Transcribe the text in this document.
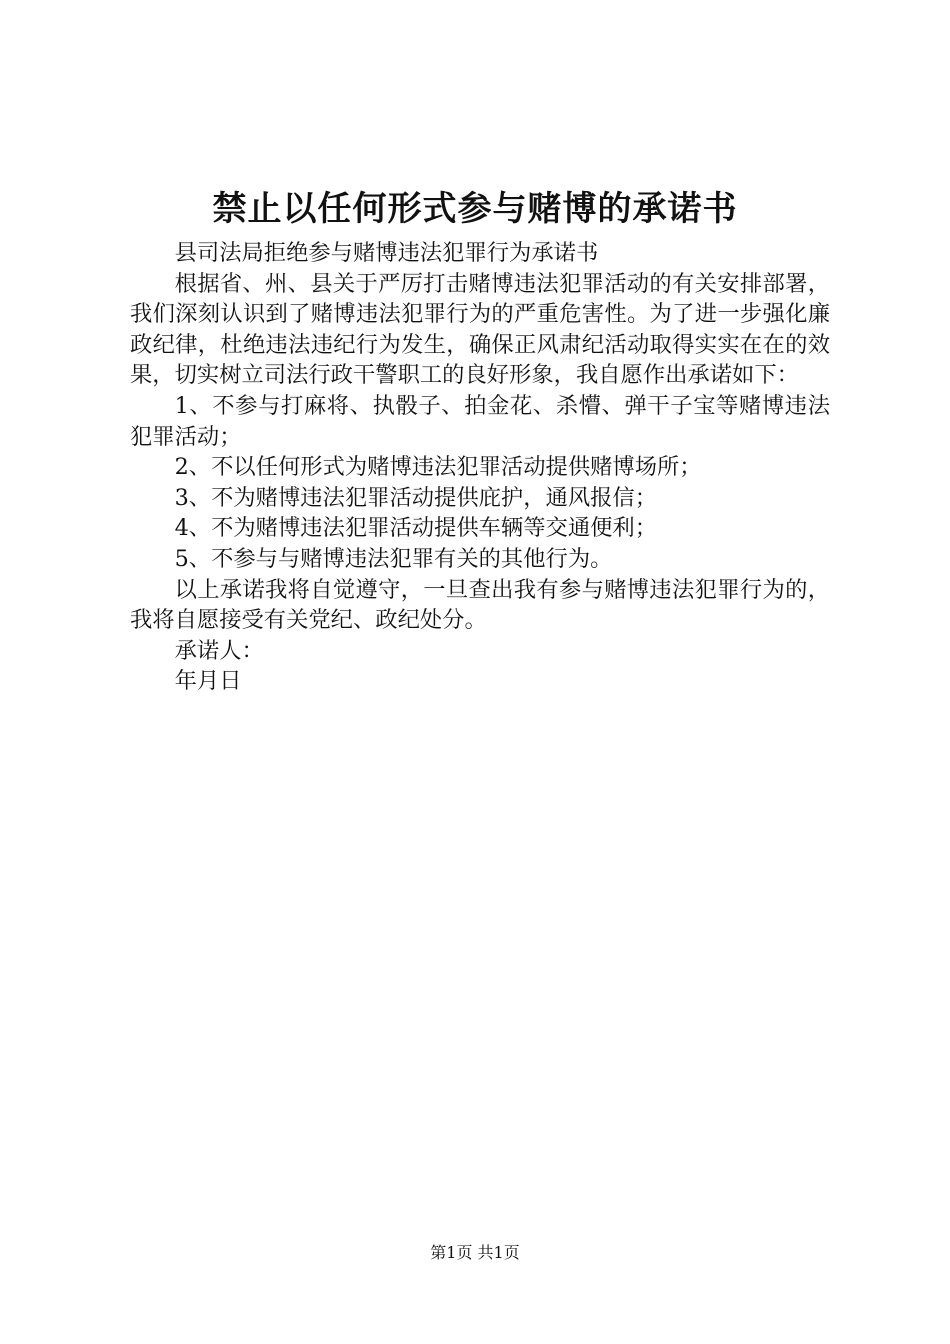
禁止以任何形式参与赌博的承诺书

县司法局拒绝参与赌博违法犯罪行为承诺书

根据省、州、县关于严厉打击赌博违法犯罪活动的有关安排部署，我们深刻认识到了赌博违法犯罪行为的严重危害性。为了进一步强化廉政纪律，杜绝违法违纪行为发生，确保正风肃纪活动取得实实在在的效果，切实树立司法行政干警职工的良好形象，我自愿作出承诺如下：

1、不参与打麻将、执骰子、拍金花、杀懵、弹干子宝等赌博违法犯罪活动；

2、不以任何形式为赌博违法犯罪活动提供赌博场所；

3、不为赌博违法犯罪活动提供庇护，通风报信；

4、不为赌博违法犯罪活动提供车辆等交通便利；

5、不参与与赌博违法犯罪有关的其他行为。

以上承诺我将自觉遵守，一旦查出我有参与赌博违法犯罪行为的，我将自愿接受有关党纪、政纪处分。

承诺人：

年月日

第1页 共1页
